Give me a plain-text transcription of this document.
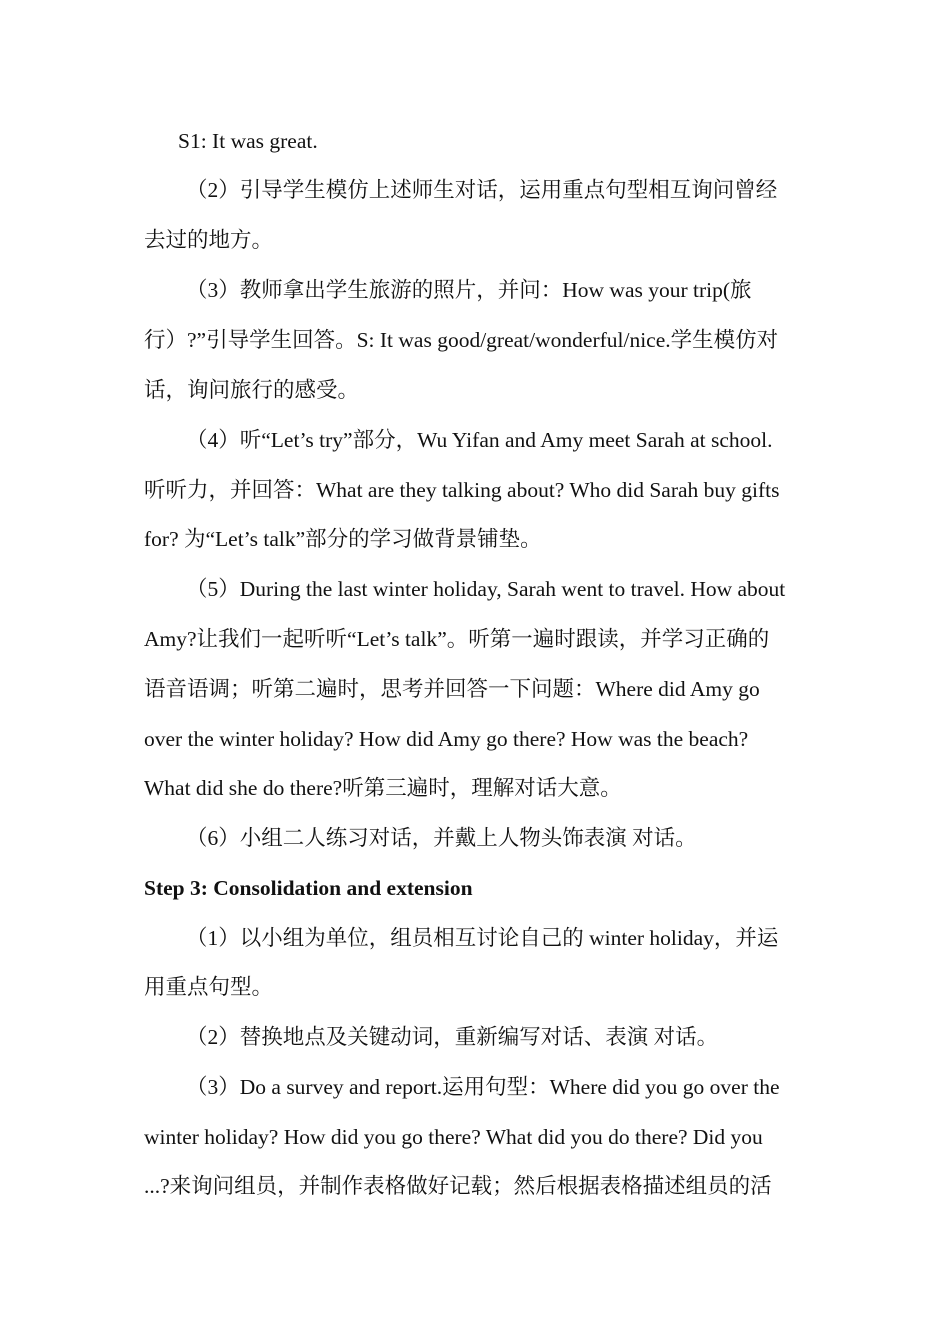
S1: It was great.
（2）引导学生模仿上述师生对话，运用重点句型相互询问曾经
去过的地方。
（3）教师拿出学生旅游的照片，并问：How was your trip(旅
行）?”引导学生回答。S: It was good/great/wonderful/nice.学生模仿对
话，询问旅行的感受。
（4）听“Let’s try”部分，Wu Yifan and Amy meet Sarah at school.
听听力，并回答：What are they talking about? Who did Sarah buy gifts
for? 为“Let’s talk”部分的学习做背景铺垫。
（5）During the last winter holiday, Sarah went to travel. How about
Amy?让我们一起听听“Let’s talk”。听第一遍时跟读，并学习正确的
语音语调；听第二遍时，思考并回答一下问题：Where did Amy go
over the winter holiday? How did Amy go there? How was the beach?
What did she do there?听第三遍时，理解对话大意。
（6）小组二人练习对话，并戴上人物头饰表演 对话。
Step 3: Consolidation and extension
（1）以小组为单位，组员相互讨论自己的 winter holiday，并运
用重点句型。
（2）替换地点及关键动词，重新编写对话、表演 对话。
（3）Do a survey and report.运用句型：Where did you go over the
winter holiday? How did you go there? What did you do there? Did you
...?来询问组员，并制作表格做好记载；然后根据表格描述组员的活
